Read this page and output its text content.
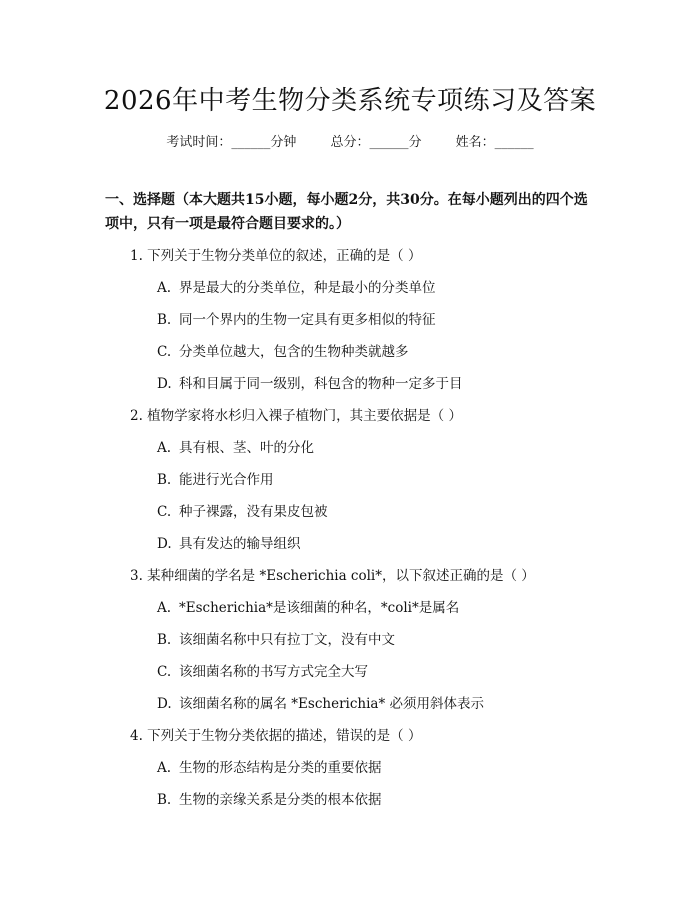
2026年中考生物分类系统专项练习及答案
考试时间：______分钟	总分：______分	姓名：______
一、选择题（本大题共15小题，每小题2分，共30分。在每小题列出的四个选项中，只有一项是最符合题目要求的。）
1. 下列关于生物分类单位的叙述，正确的是（ ）
A. 界是最大的分类单位，种是最小的分类单位
B. 同一个界内的生物一定具有更多相似的特征
C. 分类单位越大，包含的生物种类就越多
D. 科和目属于同一级别，科包含的物种一定多于目
2. 植物学家将水杉归入裸子植物门，其主要依据是（ ）
A. 具有根、茎、叶的分化
B. 能进行光合作用
C. 种子裸露，没有果皮包被
D. 具有发达的输导组织
3. 某种细菌的学名是 *Escherichia coli*，以下叙述正确的是（ ）
A. *Escherichia*是该细菌的种名，*coli*是属名
B. 该细菌名称中只有拉丁文，没有中文
C. 该细菌名称的书写方式完全大写
D. 该细菌名称的属名 *Escherichia* 必须用斜体表示
4. 下列关于生物分类依据的描述，错误的是（ ）
A. 生物的形态结构是分类的重要依据
B. 生物的亲缘关系是分类的根本依据
